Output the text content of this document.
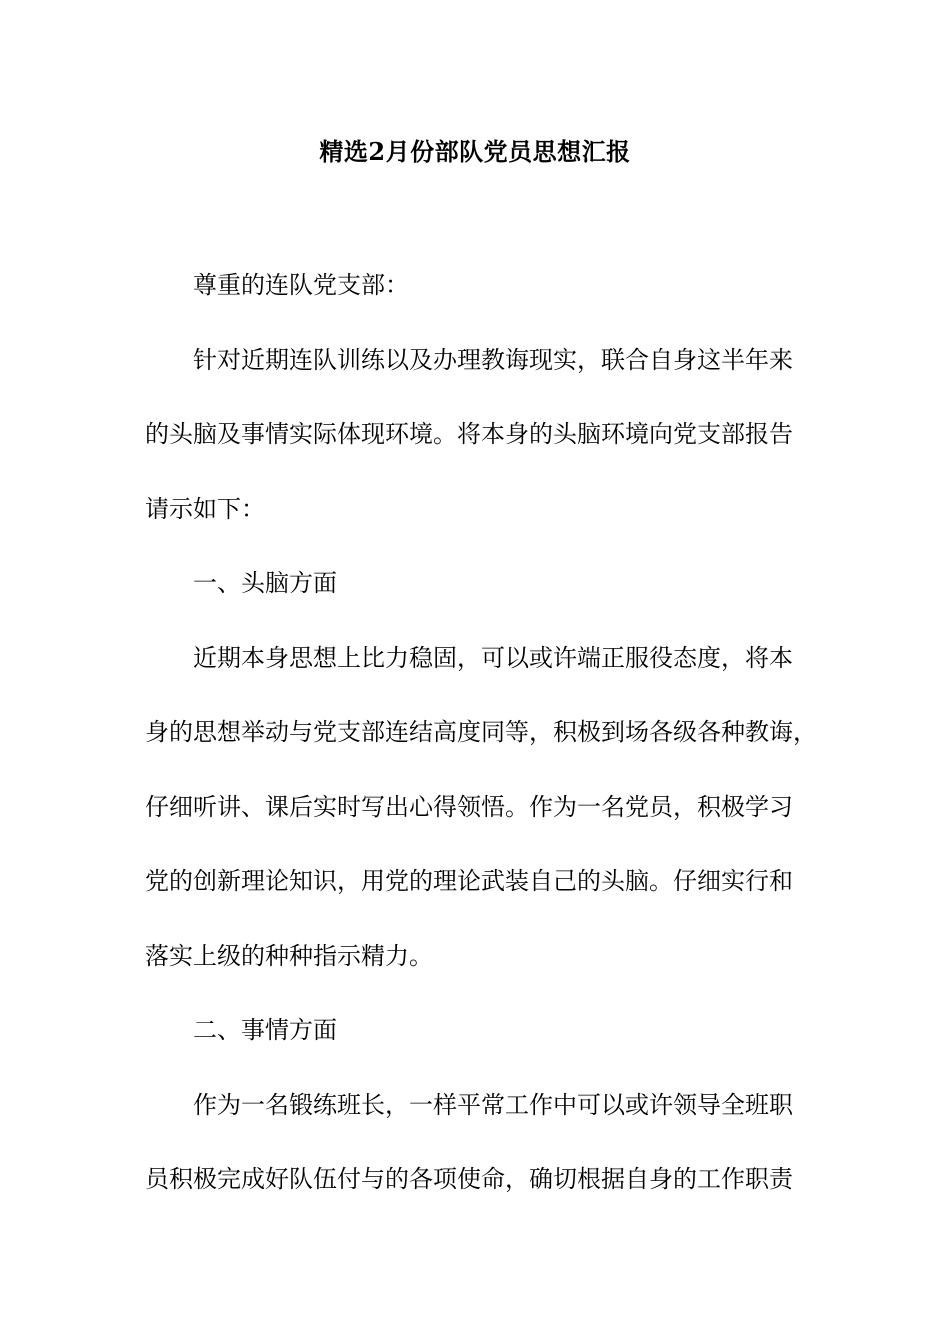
精选2月份部队党员思想汇报
尊重的连队党支部：
针对近期连队训练以及办理教诲现实，联合自身这半年来
的头脑及事情实际体现环境。将本身的头脑环境向党支部报告
请示如下：
一、头脑方面
近期本身思想上比力稳固，可以或许端正服役态度，将本
身的思想举动与党支部连结高度同等，积极到场各级各种教诲，
仔细听讲、课后实时写出心得领悟。作为一名党员，积极学习
党的创新理论知识，用党的理论武装自己的头脑。仔细实行和
落实上级的种种指示精力。
二、事情方面
作为一名锻练班长，一样平常工作中可以或许领导全班职
员积极完成好队伍付与的各项使命，确切根据自身的工作职责
